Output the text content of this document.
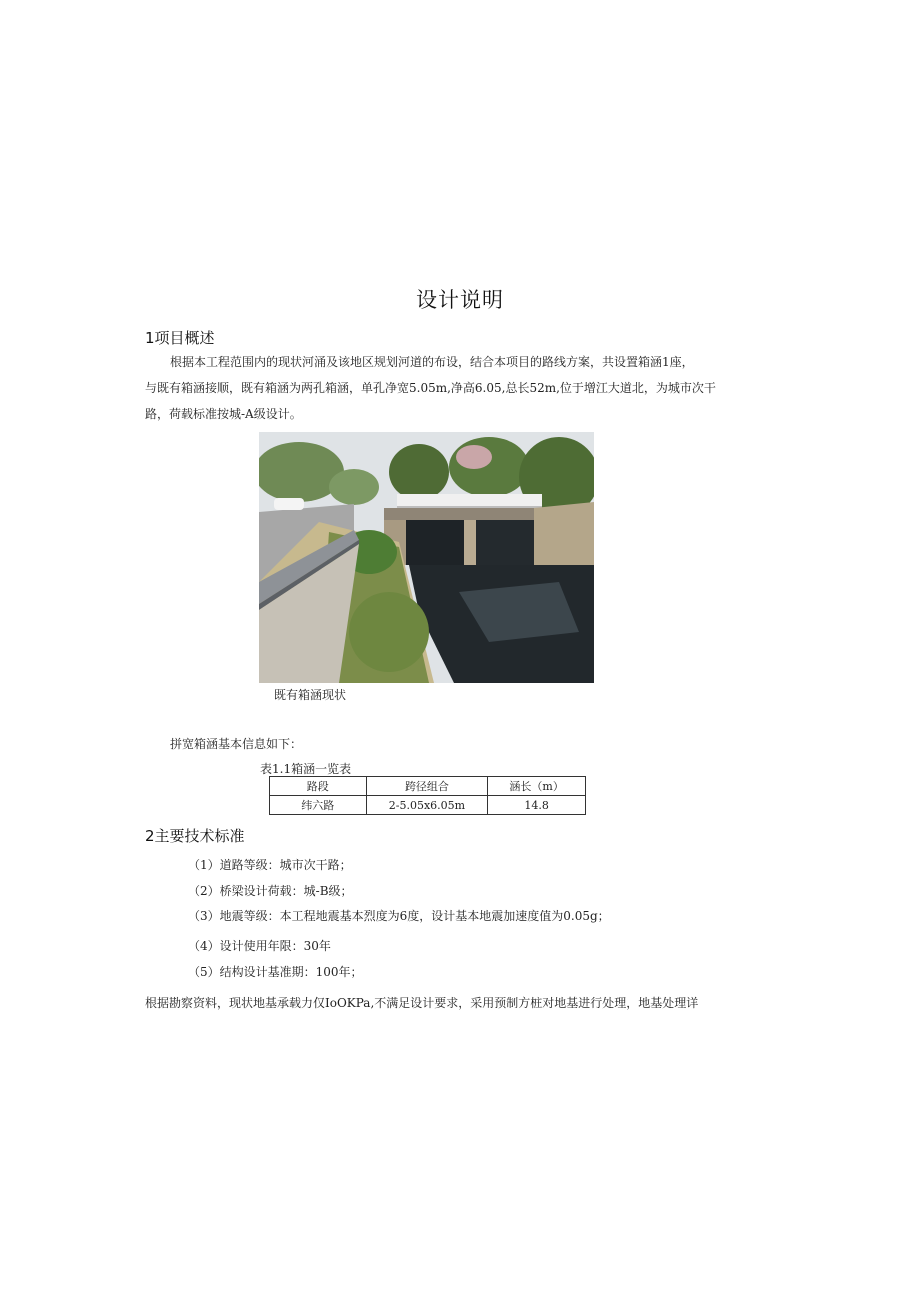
设计说明
1项目概述
根据本工程范围内的现状河涌及该地区规划河道的布设，结合本项目的路线方案，共设置箱涵1座，
与既有箱涵接顺，既有箱涵为两孔箱涵，单孔净宽5.05m,净高6.05,总长52m,位于增江大道北，为城市次干
路，荷载标准按城-A级设计。
既有箱涵现状
拼宽箱涵基本信息如下：
表1.1箱涵一览表
路段	跨径组合	涵长（m）
纬六路	2-5.05x6.05m	14.8
2主要技术标准

（1）道路等级：城市次干路；

（2）桥梁设计荷载：城-B级；

（3）地震等级：本工程地震基本烈度为6度，设计基本地震加速度值为0.05g；

（4）设计使用年限：30年

（5）结构设计基准期：100年；

根据勘察资料，现状地基承载力仅IoOKPa,不满足设计要求，采用预制方桩对地基进行处理，地基处理详
